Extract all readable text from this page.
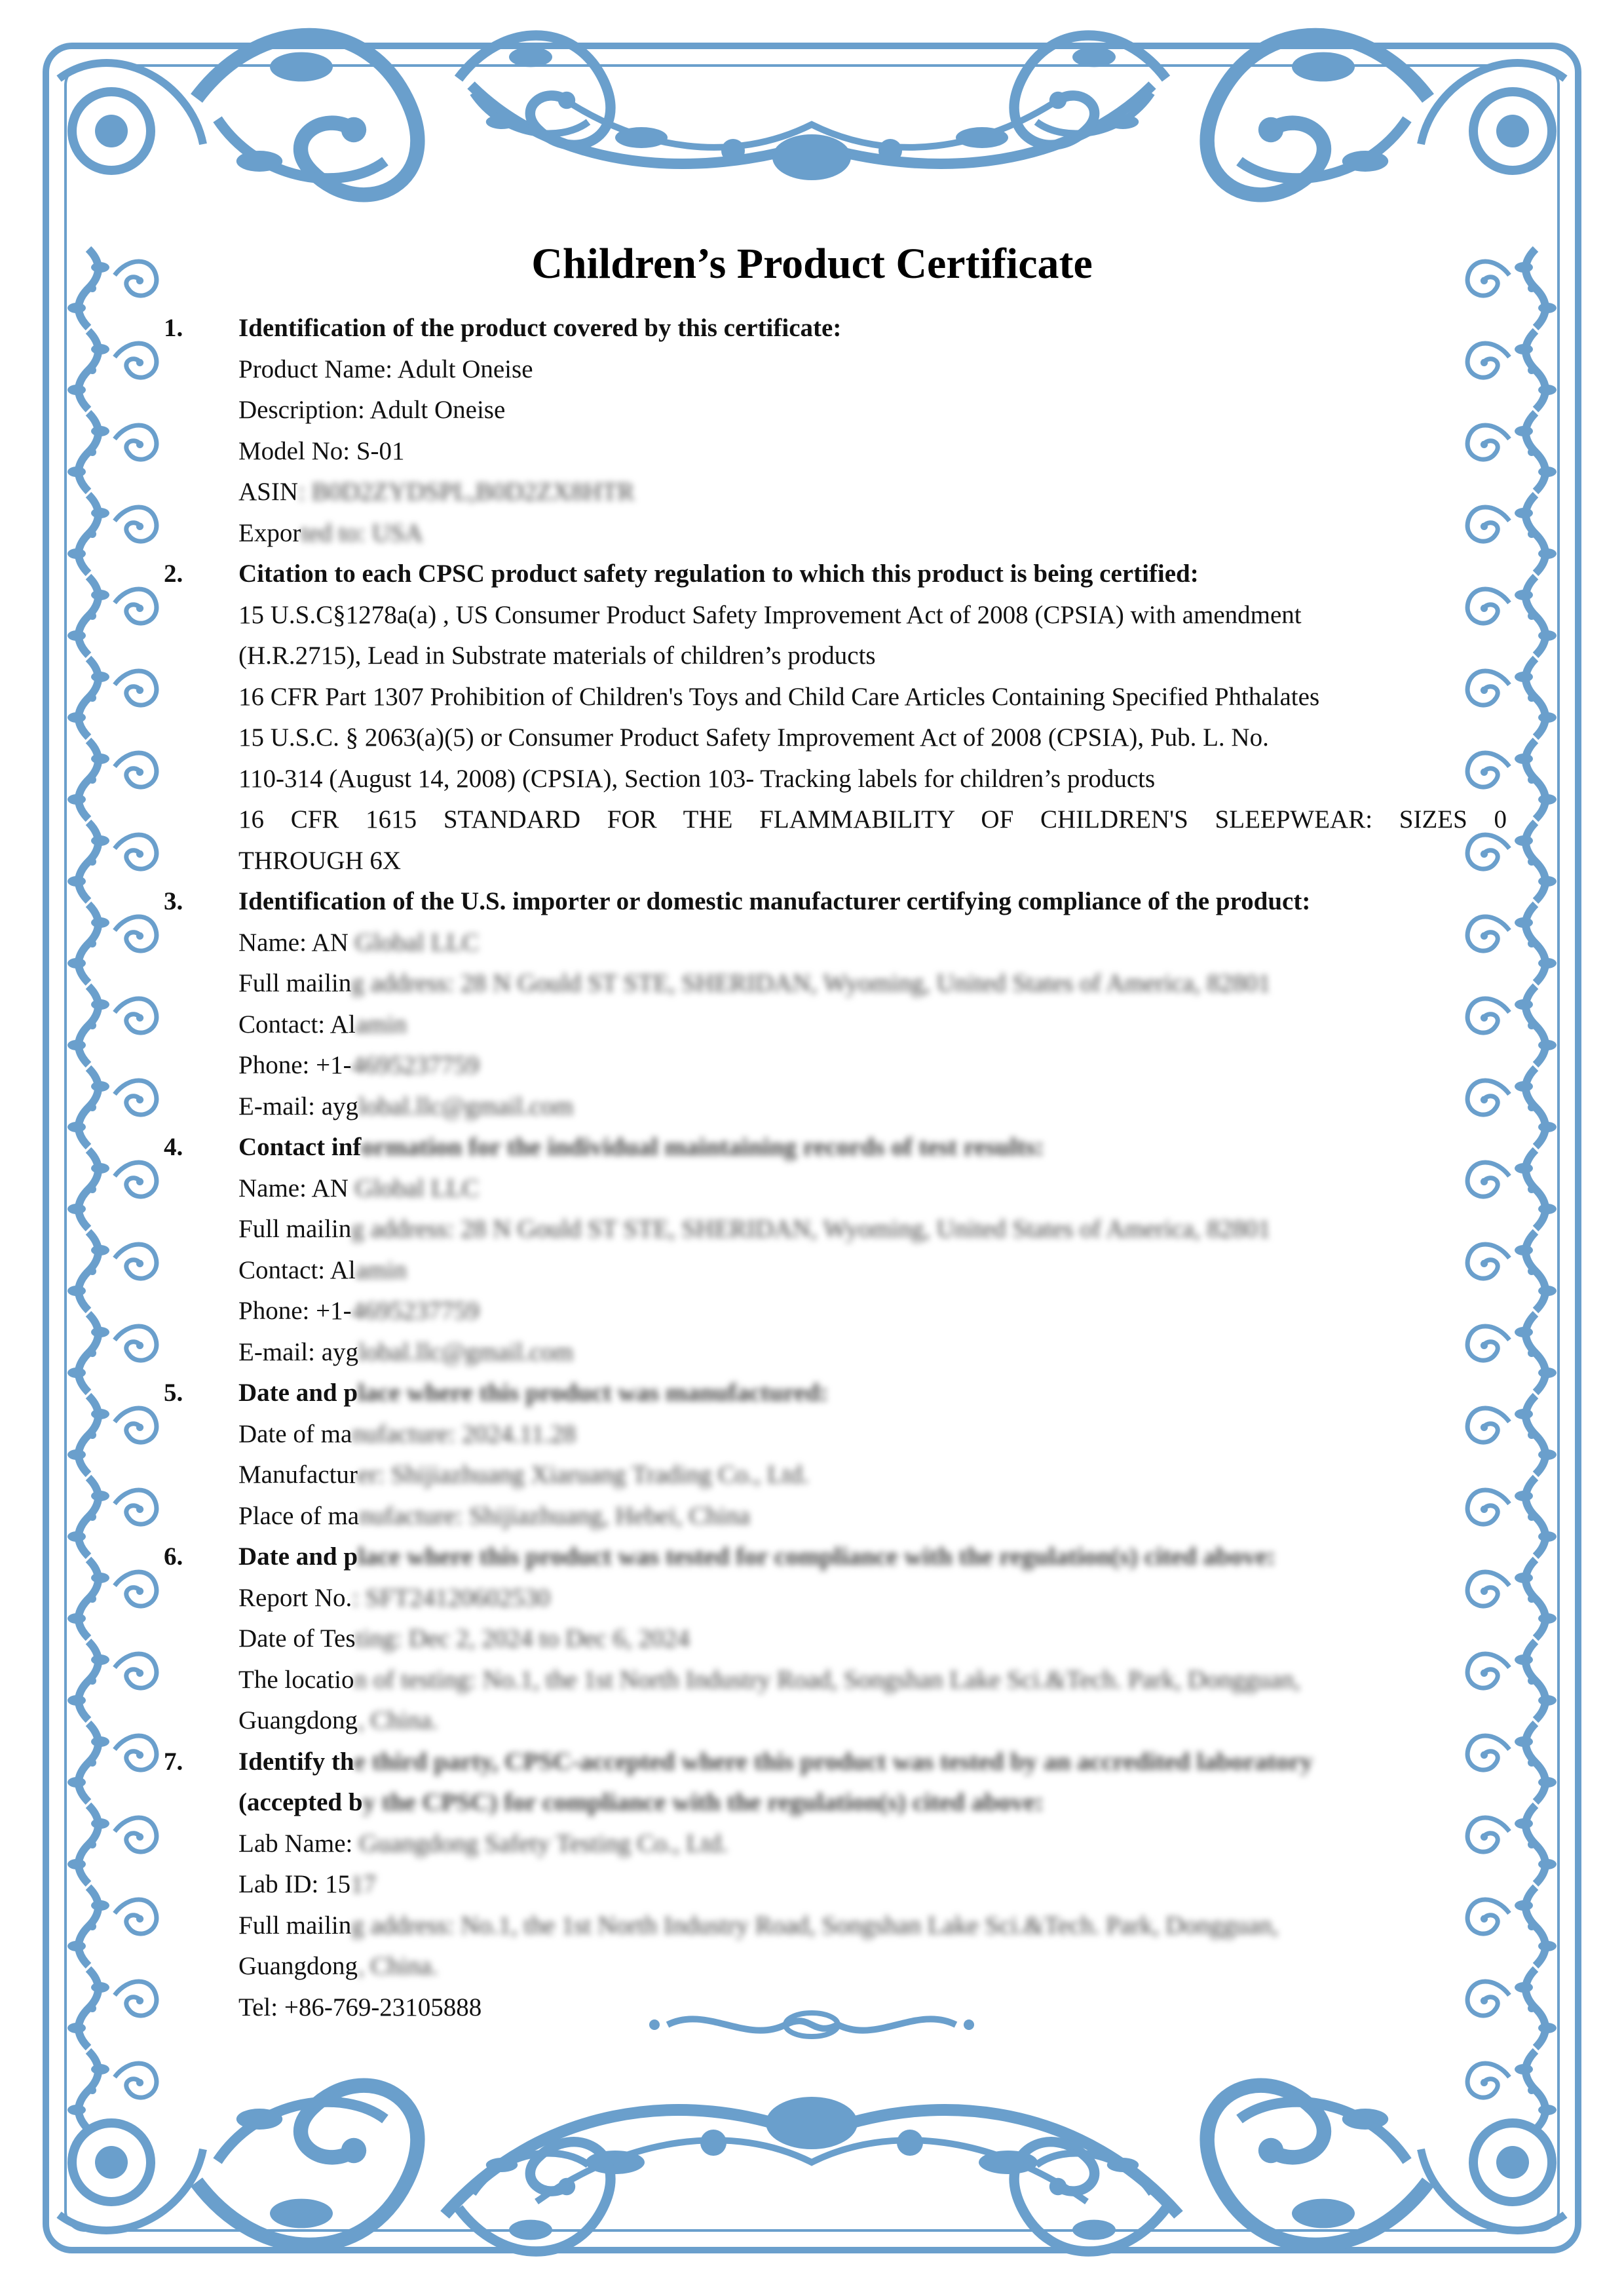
Children’s Product Certificate
1. Identification of the product covered by this certificate:
Product Name: Adult Oneise
Description: Adult Oneise
Model No: S-01
ASIN: B0D2ZYDSPL,B0D2ZX8HTR
Exported to: USA
2. Citation to each CPSC product safety regulation to which this product is being certified:
15 U.S.C§1278a(a) , US Consumer Product Safety Improvement Act of 2008 (CPSIA) with amendment
(H.R.2715), Lead in Substrate materials of children’s products
16 CFR Part 1307 Prohibition of Children's Toys and Child Care Articles Containing Specified Phthalates
15 U.S.C. § 2063(a)(5) or Consumer Product Safety Improvement Act of 2008 (CPSIA), Pub. L. No.
110-314 (August 14, 2008) (CPSIA), Section 103- Tracking labels for children’s products
16 CFR 1615 STANDARD FOR THE FLAMMABILITY OF CHILDREN'S SLEEPWEAR: SIZES 0
THROUGH 6X
3. Identification of the U.S. importer or domestic manufacturer certifying compliance of the product:
Name: AN Global LLC
Full mailing address: 28 N Gould ST STE, SHERIDAN, Wyoming, United States of America, 82801
Contact: Alamin
Phone: +1-4695237759
E-mail: ayglobal.llc@gmail.com
4. Contact information for the individual maintaining records of test results:
Name: AN Global LLC
Full mailing address: 28 N Gould ST STE, SHERIDAN, Wyoming, United States of America, 82801
Contact: Alamin
Phone: +1-4695237759
E-mail: ayglobal.llc@gmail.com
5. Date and place where this product was manufactured:
Date of manufacture: 2024.11.28
Manufacturer: Shijiazhuang Xiaruang Trading Co., Ltd.
Place of manufacture: Shijiazhuang, Hebei, China
6. Date and place where this product was tested for compliance with the regulation(s) cited above:
Report No.: SFT24120602530
Date of Testing: Dec 2, 2024 to Dec 6, 2024
The location of testing: No.1, the 1st North Industry Road, Songshan Lake Sci.&Tech. Park, Dongguan,
Guangdong, China.
7. Identify the third party, CPSC-accepted where this product was tested by an accredited laboratory
(accepted by the CPSC) for compliance with the regulation(s) cited above:
Lab Name: Guangdong Safety Testing Co., Ltd.
Lab ID: 1517
Full mailing address: No.1, the 1st North Industry Road, Songshan Lake Sci.&Tech. Park, Dongguan,
Guangdong, China.
Tel: +86-769-23105888
